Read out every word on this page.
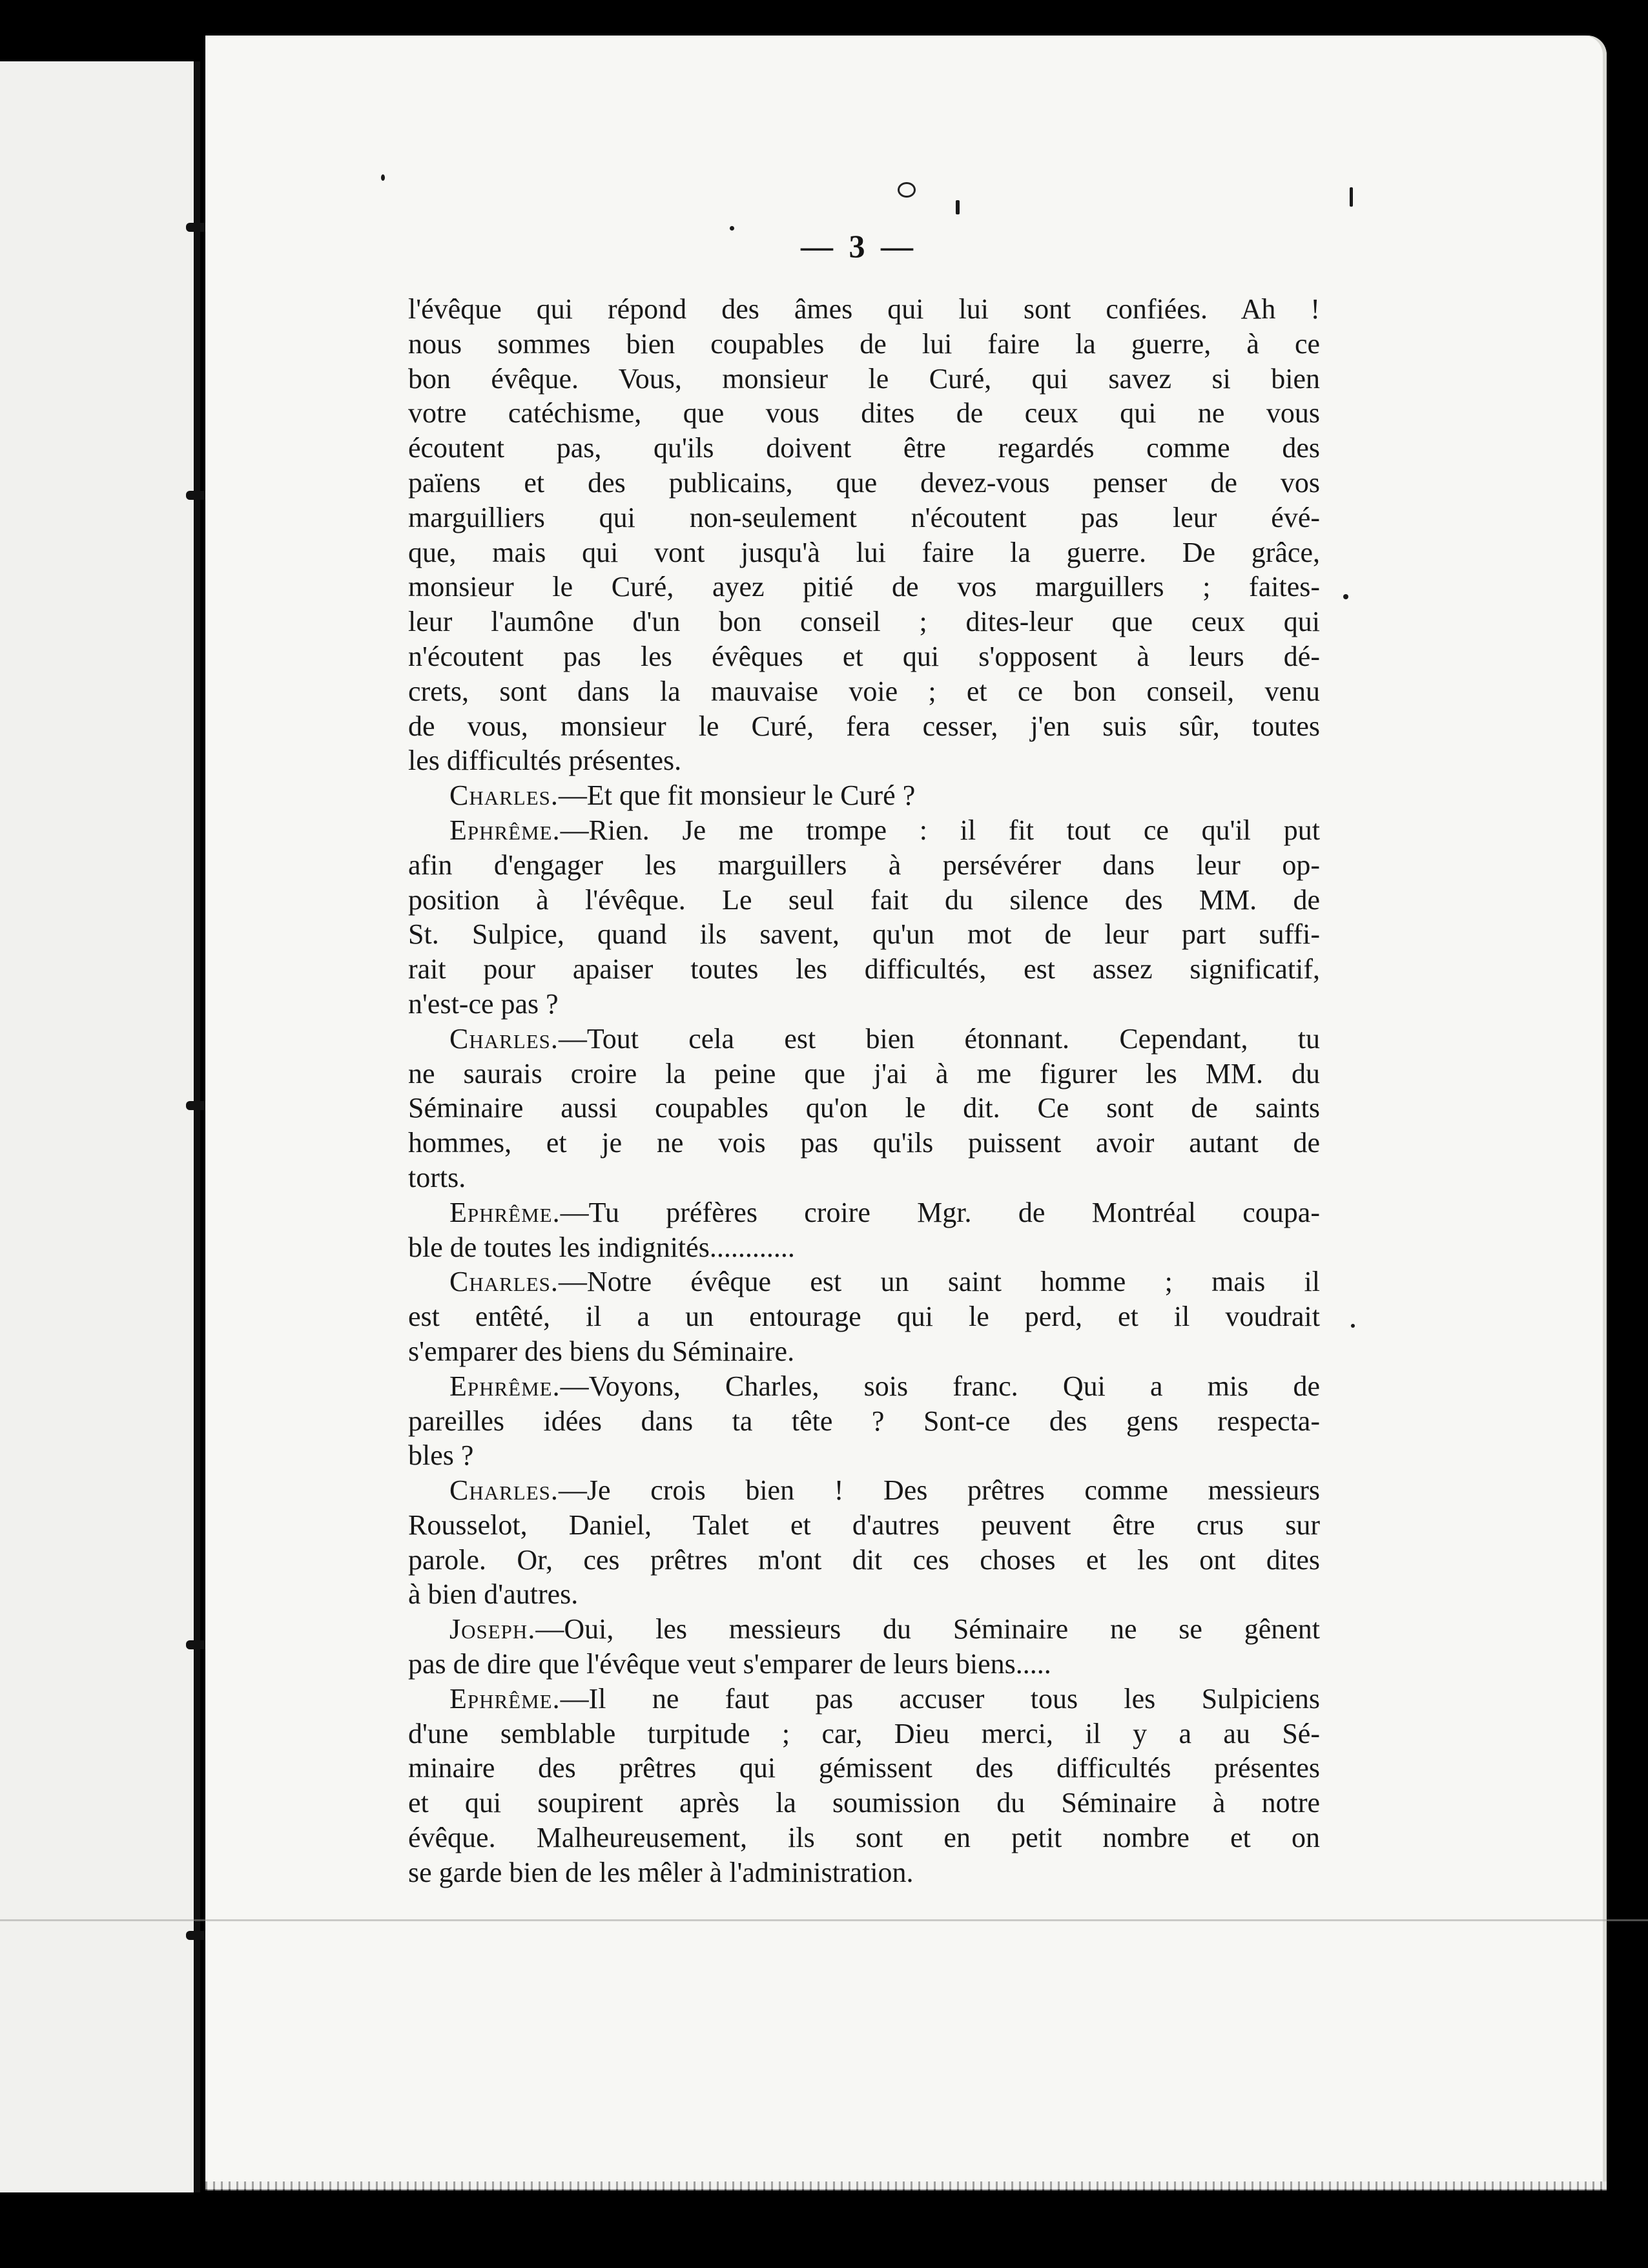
— 3 —
l'évêque qui répond des âmes qui lui sont confiées. Ah !
nous sommes bien coupables de lui faire la guerre, à ce
bon évêque. Vous, monsieur le Curé, qui savez si bien
votre catéchisme, que vous dites de ceux qui ne vous
écoutent pas, qu'ils doivent être regardés comme des
païens et des publicains, que devez-vous penser de vos
marguilliers qui non-seulement n'écoutent pas leur évé-
que, mais qui vont jusqu'à lui faire la guerre. De grâce,
monsieur le Curé, ayez pitié de vos marguillers ; faites-
leur l'aumône d'un bon conseil ; dites-leur que ceux qui
n'écoutent pas les évêques et qui s'opposent à leurs dé-
crets, sont dans la mauvaise voie ; et ce bon conseil, venu
de vous, monsieur le Curé, fera cesser, j'en suis sûr, toutes
les difficultés présentes.
Charles.—Et que fit monsieur le Curé ?
Ephrême.—Rien. Je me trompe : il fit tout ce qu'il put
afin d'engager les marguillers à persévérer dans leur op-
position à l'évêque. Le seul fait du silence des MM. de
St. Sulpice, quand ils savent, qu'un mot de leur part suffi-
rait pour apaiser toutes les difficultés, est assez significatif,
n'est-ce pas ?
Charles.—Tout cela est bien étonnant. Cependant, tu
ne saurais croire la peine que j'ai à me figurer les MM. du
Séminaire aussi coupables qu'on le dit. Ce sont de saints
hommes, et je ne vois pas qu'ils puissent avoir autant de
torts.
Ephrême.—Tu préfères croire Mgr. de Montréal coupa-
ble de toutes les indignités............
Charles.—Notre évêque est un saint homme ; mais il
est entêté, il a un entourage qui le perd, et il voudrait
s'emparer des biens du Séminaire.
Ephrême.—Voyons, Charles, sois franc. Qui a mis de
pareilles idées dans ta tête ? Sont-ce des gens respecta-
bles ?
Charles.—Je crois bien ! Des prêtres comme messieurs
Rousselot, Daniel, Talet et d'autres peuvent être crus sur
parole. Or, ces prêtres m'ont dit ces choses et les ont dites
à bien d'autres.
Joseph.—Oui, les messieurs du Séminaire ne se gênent
pas de dire que l'évêque veut s'emparer de leurs biens.....
Ephrême.—Il ne faut pas accuser tous les Sulpiciens
d'une semblable turpitude ; car, Dieu merci, il y a au Sé-
minaire des prêtres qui gémissent des difficultés présentes
et qui soupirent après la soumission du Séminaire à notre
évêque. Malheureusement, ils sont en petit nombre et on
se garde bien de les mêler à l'administration.
